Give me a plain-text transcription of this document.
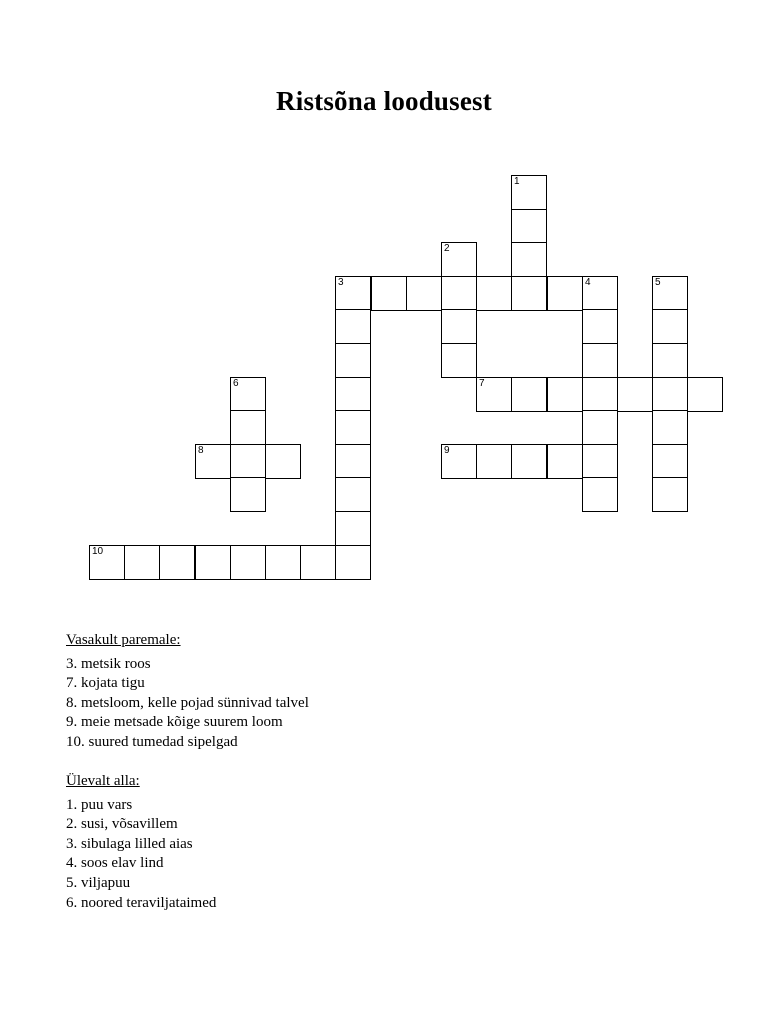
Ristsõna loodusest
1
2
3	4	5
6	7
8	9
10
Vasakult paremale:
3. metsik roos
7. kojata tigu
8. metsloom, kelle pojad sünnivad talvel
9. meie metsade kõige suurem loom
10. suured tumedad sipelgad
Ülevalt alla:
1. puu vars
2. susi, võsavillem
3. sibulaga lilled aias
4. soos elav lind
5. viljapuu
6. noored teraviljataimed
